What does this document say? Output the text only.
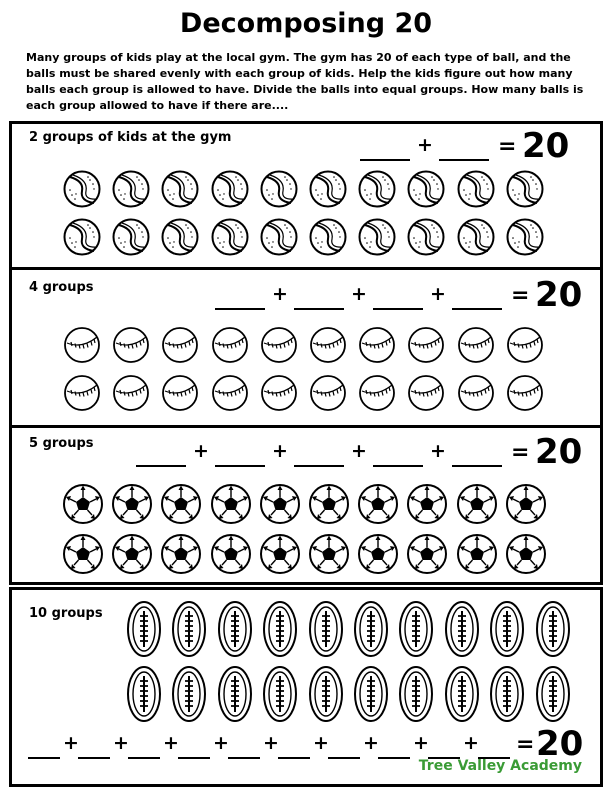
Decomposing 20
Many groups of kids play at the local gym. The gym has 20 of each type of ball, and the balls must be shared evenly with each group of kids. Help the kids figure out how many balls each group is allowed to have. Divide the balls into equal groups. How many balls is each group allowed to have if there are....
2 groups of kids at the gym	+	= 20
4 groups	+	+	+	= 20
5 groups	+	+	+	+	= 20
10 groups
+ + + + + + + + + = 20
Tree Valley Academy
